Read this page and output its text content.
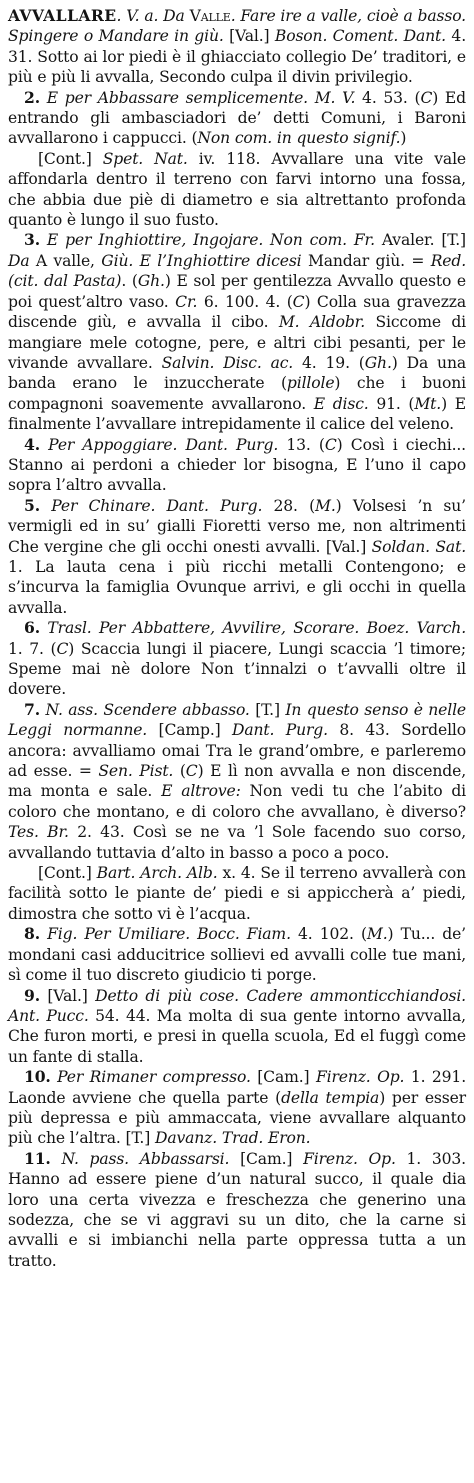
AVVALLARE. V. a. Da Valle. Fare ire a valle, cioè a basso. Spingere o Mandare in giù. [Val.] Boson. Coment. Dant. 4. 31. Sotto ai lor piedi è il ghiacciato collegio De’ traditori, e più e più li avvalla, Secondo culpa il divin privilegio.

2. E per Abbassare semplicemente. M. V. 4. 53. (C) Ed entrando gli ambasciadori de’ detti Comuni, i Baroni avvallarono i cappucci. (Non com. in questo signif.)

[Cont.] Spet. Nat. iv. 118. Avvallare una vite vale affondarla dentro il terreno con farvi intorno una fossa, che abbia due piè di diametro e sia altrettanto profonda quanto è lungo il suo fusto.

3. E per Inghiottire, Ingojare. Non com. Fr. Avaler. [T.] Da A valle, Giù. E l’Inghiottire dicesi Mandar giù. = Red. (cit. dal Pasta). (Gh.) E sol per gentilezza Avvallo questo e poi quest’altro vaso. Cr. 6. 100. 4. (C) Colla sua gravezza discende giù, e avvalla il cibo. M. Aldobr. Siccome di mangiare mele cotogne, pere, e altri cibi pesanti, per le vivande avvallare. Salvin. Disc. ac. 4. 19. (Gh.) Da una banda erano le inzuccherate (pillole) che i buoni compagnoni soavemente avvallarono. E disc. 91. (Mt.) E finalmente l’avvallare intrepidamente il calice del veleno.

4. Per Appoggiare. Dant. Purg. 13. (C) Così i ciechi... Stanno ai perdoni a chieder lor bisogna, E l’uno il capo sopra l’altro avvalla.

5. Per Chinare. Dant. Purg. 28. (M.) Volsesi ’n su’ vermigli ed in su’ gialli Fioretti verso me, non altrimenti Che vergine che gli occhi onesti avvalli. [Val.] Soldan. Sat. 1. La lauta cena i più ricchi metalli Contengono; e s’incurva la famiglia Ovunque arrivi, e gli occhi in quella avvalla.

6. Trasl. Per Abbattere, Avvilire, Scorare. Boez. Varch. 1. 7. (C) Scaccia lungi il piacere, Lungi scaccia ’l timore; Speme mai nè dolore Non t’innalzi o t’avvalli oltre il dovere.

7. N. ass. Scendere abbasso. [T.] In questo senso è nelle Leggi normanne. [Camp.] Dant. Purg. 8. 43. Sordello ancora: avvalliamo omai Tra le grand’ombre, e parleremo ad esse. = Sen. Pist. (C) E lì non avvalla e non discende, ma monta e sale. E altrove: Non vedi tu che l’abito di coloro che montano, e di coloro che avvallano, è diverso? Tes. Br. 2. 43. Così se ne va ’l Sole facendo suo corso, avvallando tuttavia d’alto in basso a poco a poco.

[Cont.] Bart. Arch. Alb. x. 4. Se il terreno avvallerà con facilità sotto le piante de’ piedi e si appiccherà a’ piedi, dimostra che sotto vi è l’acqua.

8. Fig. Per Umiliare. Bocc. Fiam. 4. 102. (M.) Tu... de’ mondani casi adducitrice sollievi ed avvalli colle tue mani, sì come il tuo discreto giudicio ti porge.

9. [Val.] Detto di più cose. Cadere ammonticchiandosi. Ant. Pucc. 54. 44. Ma molta di sua gente intorno avvalla, Che furon morti, e presi in quella scuola, Ed el fuggì come un fante di stalla.

10. Per Rimaner compresso. [Cam.] Firenz. Op. 1. 291. Laonde avviene che quella parte (della tempia) per esser più depressa e più ammaccata, viene avvallare alquanto più che l’altra. [T.] Davanz. Trad. Eron.

11. N. pass. Abbassarsi. [Cam.] Firenz. Op. 1. 303. Hanno ad essere piene d’un natural succo, il quale dia loro una certa vivezza e freschezza che generino una sodezza, che se vi aggravi su un dito, che la carne si avvalli e si imbianchi nella parte oppressa tutta a un tratto.
